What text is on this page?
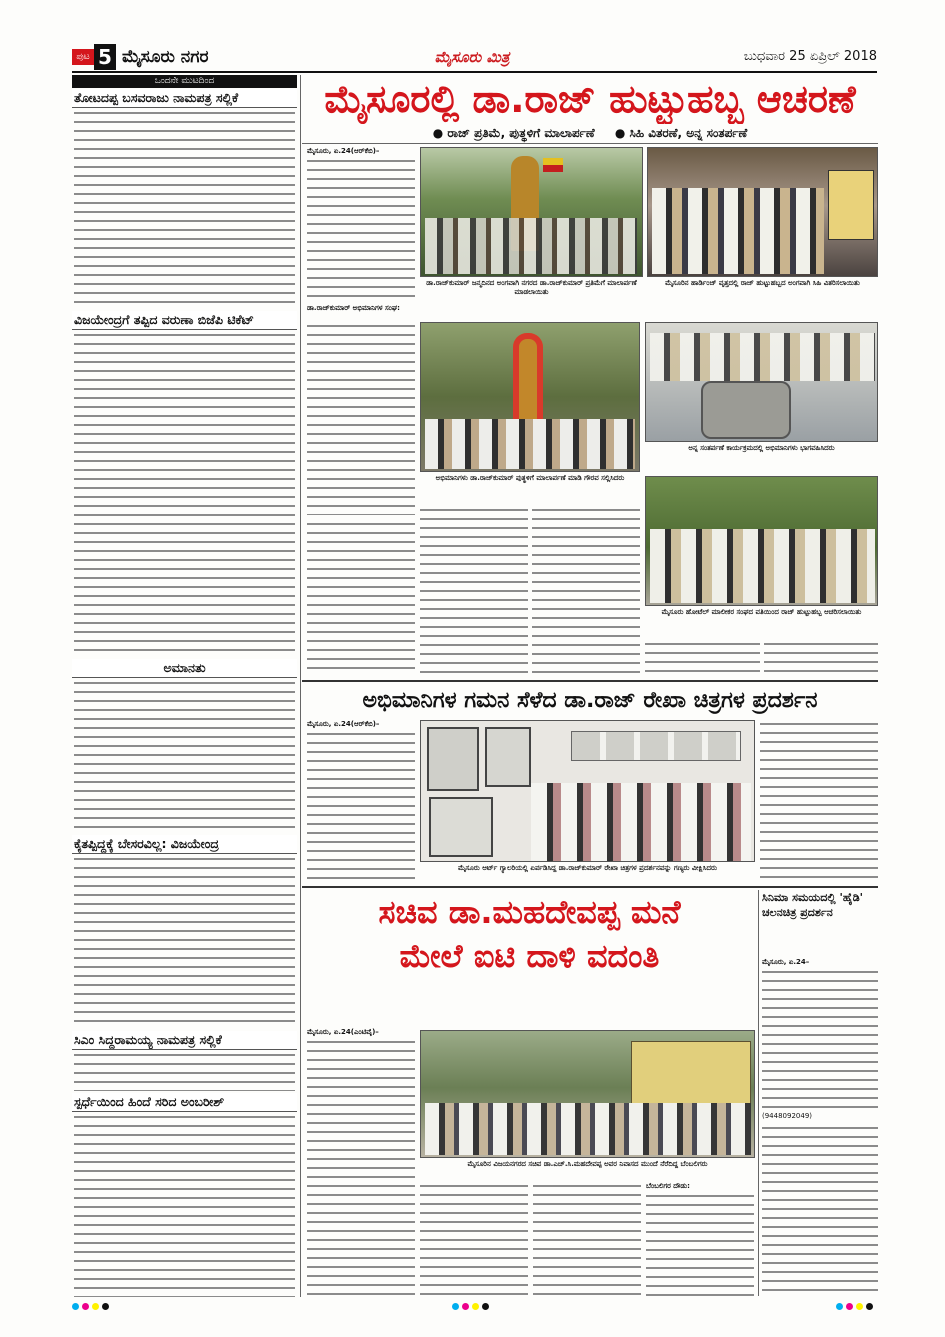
ಪುಟ 5 ಮೈಸೂರು ನಗರ	ಮೈಸೂರು ಮಿತ್ರ	ಬುಧವಾರ 25 ಏಪ್ರಿಲ್ 2018
ಒಂದನೇ ಮುಟದಿಂದ
ತೋಟದಪ್ಪ ಬಸವರಾಜು ನಾಮಪತ್ರ ಸಲ್ಲಿಕೆ
ವಿಜಯೇಂದ್ರಗೆ ತಪ್ಪಿದ ವರುಣಾ ಬಿಜೆಪಿ ಟಿಕೆಟ್
ಅಮಾನತು
ಕೈತಪ್ಪಿದ್ದಕ್ಕೆ ಬೇಸರವಿಲ್ಲ: ವಿಜಯೇಂದ್ರ
ಸಿಎಂ ಸಿದ್ದರಾಮಯ್ಯ ನಾಮಪತ್ರ ಸಲ್ಲಿಕೆ
ಸ್ಪರ್ಧೆಯಿಂದ ಹಿಂದೆ ಸರಿದ ಅಂಬರೀಶ್
ಮೈಸೂರಲ್ಲಿ ಡಾ.ರಾಜ್ ಹುಟ್ಟುಹಬ್ಬ ಆಚರಣೆ
● ರಾಜ್ ಪ್ರತಿಮೆ, ಪುತ್ಥಳಿಗೆ ಮಾಲಾರ್ಪಣೆ ● ಸಿಹಿ ವಿತರಣೆ, ಅನ್ನ ಸಂತರ್ಪಣೆ
ಡಾ.ರಾಜ್‌ಕುಮಾರ್ ಜನ್ಮದಿನದ ಅಂಗವಾಗಿ ನಗರದ ಡಾ.ರಾಜ್‌ಕುಮಾರ್ ಪ್ರತಿಮೆಗೆ ಮಾಲಾರ್ಪಣೆ ಮಾಡಲಾಯಿತು
ಮೈಸೂರಿನ ಹಾರ್ಡಿಂಜ್ ವೃತ್ತದಲ್ಲಿ ರಾಜ್ ಹುಟ್ಟುಹಬ್ಬದ ಅಂಗವಾಗಿ ಸಿಹಿ ವಿತರಿಸಲಾಯಿತು
ಮೈಸೂರು, ಏ.24(ಆರ್‌ಕೆಬಿ)–
ಡಾ.ರಾಜ್‌ಕುಮಾರ್ ಅಭಿಮಾನಿಗಳ ಸಂಘ:
ಅಭಿಮಾನಿಗಳು ಡಾ.ರಾಜ್‌ಕುಮಾರ್ ಪುತ್ಥಳಿಗೆ ಮಾಲಾರ್ಪಣೆ ಮಾಡಿ ಗೌರವ ಸಲ್ಲಿಸಿದರು
ಅನ್ನ ಸಂತರ್ಪಣೆ ಕಾರ್ಯಕ್ರಮದಲ್ಲಿ ಅಭಿಮಾನಿಗಳು ಭಾಗವಹಿಸಿದರು
ಮೈಸೂರು ಹೋಟೆಲ್ ಮಾಲೀಕರ ಸಂಘದ ವತಿಯಿಂದ ರಾಜ್ ಹುಟ್ಟುಹಬ್ಬ ಆಚರಿಸಲಾಯಿತು
ಅಭಿಮಾನಿಗಳ ಗಮನ ಸೆಳೆದ ಡಾ.ರಾಜ್ ರೇಖಾ ಚಿತ್ರಗಳ ಪ್ರದರ್ಶನ
ಮೈಸೂರು, ಏ.24(ಆರ್‌ಕೆಬಿ)–
ಮೈಸೂರು ಆರ್ಟ್ ಗ್ಯಾಲರಿಯಲ್ಲಿ ಏರ್ಪಡಿಸಿದ್ದ ಡಾ.ರಾಜ್‌ಕುಮಾರ್ ರೇಖಾ ಚಿತ್ರಗಳ ಪ್ರದರ್ಶನವನ್ನು ಗಣ್ಯರು ವೀಕ್ಷಿಸಿದರು
ಸಚಿವ ಡಾ.ಮಹದೇವಪ್ಪ ಮನೆ
ಮೇಲೆ ಐಟಿ ದಾಳಿ ವದಂತಿ
ಮೈಸೂರು, ಏ.24(ಎಂಟಿವೈ)–
ಮೈಸೂರಿನ ವಿಜಯನಗರದ ಸಚಿವ ಡಾ.ಎಚ್.ಸಿ.ಮಹದೇವಪ್ಪ ಅವರ ನಿವಾಸದ ಮುಂದೆ ನೆರೆದಿದ್ದ ಬೆಂಬಲಿಗರು
ಬೆಂಬಲಿಗರ ದೌಡು:
ಸಿನಿಮಾ ಸಮಯದಲ್ಲಿ 'ಹೈಡಿ' ಚಲನಚಿತ್ರ ಪ್ರದರ್ಶನ
ಮೈಸೂರು, ಏ.24–
(9448092049)
